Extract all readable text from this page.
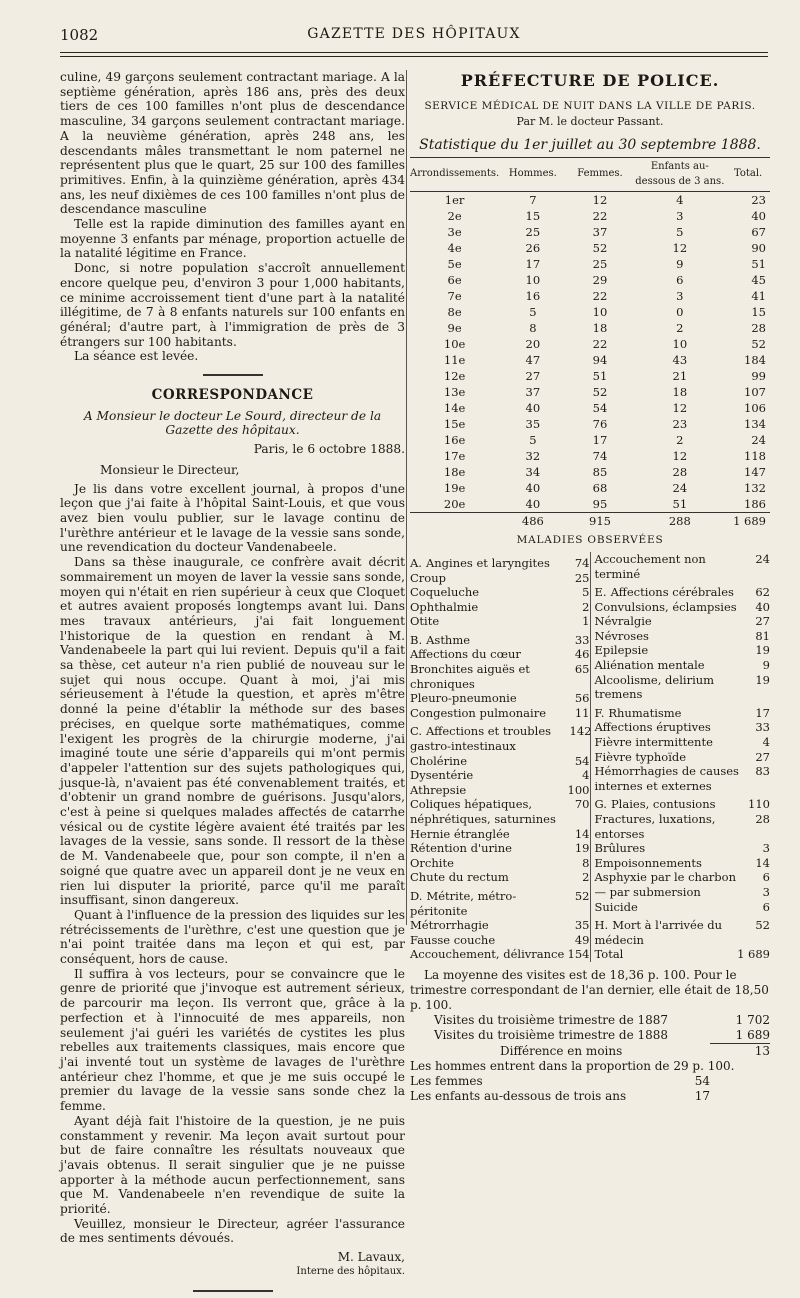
1082	GAZETTE DES HÔPITAUX

culine, 49 garçons seulement contractant mariage. A la septième génération, après 186 ans, près des deux tiers de ces 100 familles n'ont plus de descendance masculine, 34 garçons seulement contractant mariage. A la neuvième génération, après 248 ans, les descendants mâles transmettant le nom paternel ne représentent plus que le quart, 25 sur 100 des familles primitives. Enfin, à la quinzième génération, après 434 ans, les neuf dixièmes de ces 100 familles n'ont plus de descendance masculine

Telle est la rapide diminution des familles ayant en moyenne 3 enfants par ménage, proportion actuelle de la natalité légitime en France.

Donc, si notre population s'accroît annuellement encore quelque peu, d'environ 3 pour 1,000 habitants, ce minime accroissement tient d'une part à la natalité illégitime, de 7 à 8 enfants naturels sur 100 enfants en général; d'autre part, à l'immigration de près de 3 étrangers sur 100 habitants.

La séance est levée.

CORRESPONDANCE
A Monsieur le docteur Le Sourd, directeur de la Gazette des hôpitaux.
Paris, le 6 octobre 1888.
Monsieur le Directeur,

Je lis dans votre excellent journal, à propos d'une leçon que j'ai faite à l'hôpital Saint-Louis, et que vous avez bien voulu publier, sur le lavage continu de l'urèthre antérieur et le lavage de la vessie sans sonde, une revendication du docteur Vandenabeele.

Dans sa thèse inaugurale, ce confrère avait décrit sommairement un moyen de laver la vessie sans sonde, moyen qui n'était en rien supérieur à ceux que Cloquet et autres avaient proposés longtemps avant lui. Dans mes travaux antérieurs, j'ai fait longuement l'historique de la question en rendant à M. Vandenabeele la part qui lui revient. Depuis qu'il a fait sa thèse, cet auteur n'a rien publié de nouveau sur le sujet qui nous occupe. Quant à moi, j'ai mis sérieusement à l'étude la question, et après m'être donné la peine d'établir la méthode sur des bases précises, en quelque sorte mathématiques, comme l'exigent les progrès de la chirurgie moderne, j'ai imaginé toute une série d'appareils qui m'ont permis d'appeler l'attention sur des sujets pathologiques qui, jusque-là, n'avaient pas été convenablement traités, et d'obtenir un grand nombre de guérisons. Jusqu'alors, c'est à peine si quelques malades affectés de catarrhe vésical ou de cystite légère avaient été traités par les lavages de la vessie, sans sonde. Il ressort de la thèse de M. Vandenabeele que, pour son compte, il n'en a soigné que quatre avec un appareil dont je ne veux en rien lui disputer la priorité, parce qu'il me paraît insuffisant, sinon dangereux.

Quant à l'influence de la pression des liquides sur les rétrécissements de l'urèthre, c'est une question que je n'ai point traitée dans ma leçon et qui est, par conséquent, hors de cause.

Il suffira à vos lecteurs, pour se convaincre que le genre de priorité que j'invoque est autrement sérieux, de parcourir ma leçon. Ils verront que, grâce à la perfection et à l'innocuité de mes appareils, non seulement j'ai guéri les variétés de cystites les plus rebelles aux traitements classiques, mais encore que j'ai inventé tout un système de lavages de l'urèthre antérieur chez l'homme, et que je me suis occupé le premier du lavage de la vessie sans sonde chez la femme.

Ayant déjà fait l'histoire de la question, je ne puis constamment y revenir. Ma leçon avait surtout pour but de faire connaître les résultats nouveaux que j'avais obtenus. Il serait singulier que je ne puisse apporter à la méthode aucun perfectionnement, sans que M. Vandenabeele n'en revendique de suite la priorité.

Veuillez, monsieur le Directeur, agréer l'assurance de mes sentiments dévoués.

M. Lavaux,
Interne des hôpitaux.
PRÉFECTURE DE POLICE.
SERVICE MÉDICAL DE NUIT DANS LA VILLE DE PARIS.
Par M. le docteur Passant.
Statistique du 1er juillet au 30 septembre 1888.
Arrondissements.	Hommes.	Femmes.	Enfants au-dessous de 3 ans.	Total.
1er	7	12	4	23
2e	15	22	3	40
3e	25	37	5	67
4e	26	52	12	90
5e	17	25	9	51
6e	10	29	6	45
7e	16	22	3	41
8e	5	10	0	15
9e	8	18	2	28
10e	20	22	10	52
11e	47	94	43	184
12e	27	51	21	99
13e	37	52	18	107
14e	40	54	12	106
15e	35	76	23	134
16e	5	17	2	24
17e	32	74	12	118
18e	34	85	28	147
19e	40	68	24	132
20e	40	95	51	186
	486	915	288	1 689
MALADIES OBSERVÉES
A. Angines et laryngites	74
Croup	25
Coqueluche	5
Ophthalmie	2
Otite	1
B. Asthme	33
Affections du cœur	46
Bronchites aiguës et chroniques
65
Pleuro-pneumonie	56
Congestion pulmonaire	11
C. Affections et troubles gastro-intestinaux
142
Cholérine	54
Dysentérie	4
Athrepsie	100
Coliques hépatiques, néphrétiques, saturnines
70
Hernie étranglée	14
Rétention d'urine	19
Orchite	8
Chute du rectum	2
D. Métrite, métro-péritonite
52
Métrorrhagie	35
Fausse couche	49
Accouchement, délivrance 154
Accouchement non terminé
24
E. Affections cérébrales	62
Convulsions, éclampsies	40
Névralgie	27
Névroses	81
Epilepsie	19
Aliénation mentale	9
Alcoolisme, delirium tremens
19
F. Rhumatisme	17
Affections éruptives	33
Fièvre intermittente	4
Fièvre typhoïde	27
Hémorrhagies de causes internes et externes
83
G. Plaies, contusions	110
Fractures, luxations, entorses
28
Brûlures	3
Empoisonnements	14
Asphyxie par le charbon	6
— par submersion	3
Suicide	6
H. Mort à l'arrivée du médecin
52
Total	1 689
La moyenne des visites est de 18,36 p. 100. Pour le trimestre correspondant de l'an dernier, elle était de 18,50 p. 100.
Visites du troisième trimestre de 1887	1 702
Visites du troisième trimestre de 1888	1 689
Différence en moins	13
Les hommes entrent dans la proportion de 29 p. 100.
Les femmes	54
Les enfants au-dessous de trois ans	17
